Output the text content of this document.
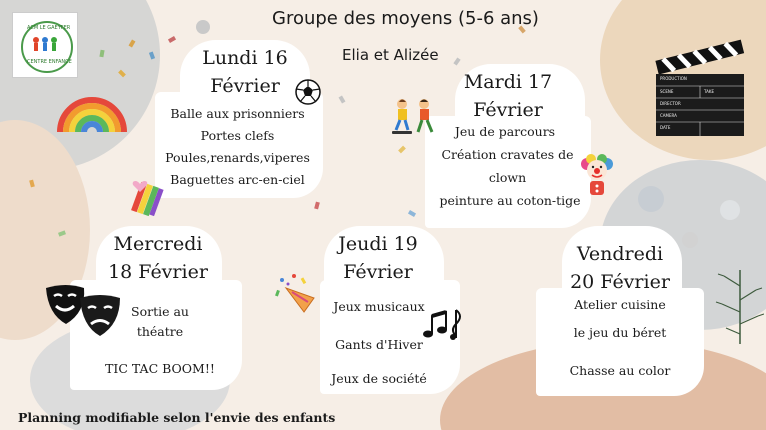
ACM LE GAEYFER
CENTRE ENFANCE
Groupe des moyens (5-6 ans)
Elia et Alizée
Lundi 16
Février
Balle aux prisonniers
Portes clefs
Poules,renards,viperes
Baguettes arc-en-ciel
Mardi 17
Février
Jeu de parcours
Création cravates de
clown
peinture au coton-tige
PRODUCTION
SCENE	TAKE
DIRECTOR
CAMERA
DATE
Mercredi
18 Février
Sortie au
théatre
TIC TAC BOOM!!
Jeudi 19
Février
Jeux musicaux
Gants d'Hiver
Jeux de société
Vendredi
20 Février
Atelier cuisine
le jeu du béret
Chasse au color
Planning modifiable selon l'envie des enfants
